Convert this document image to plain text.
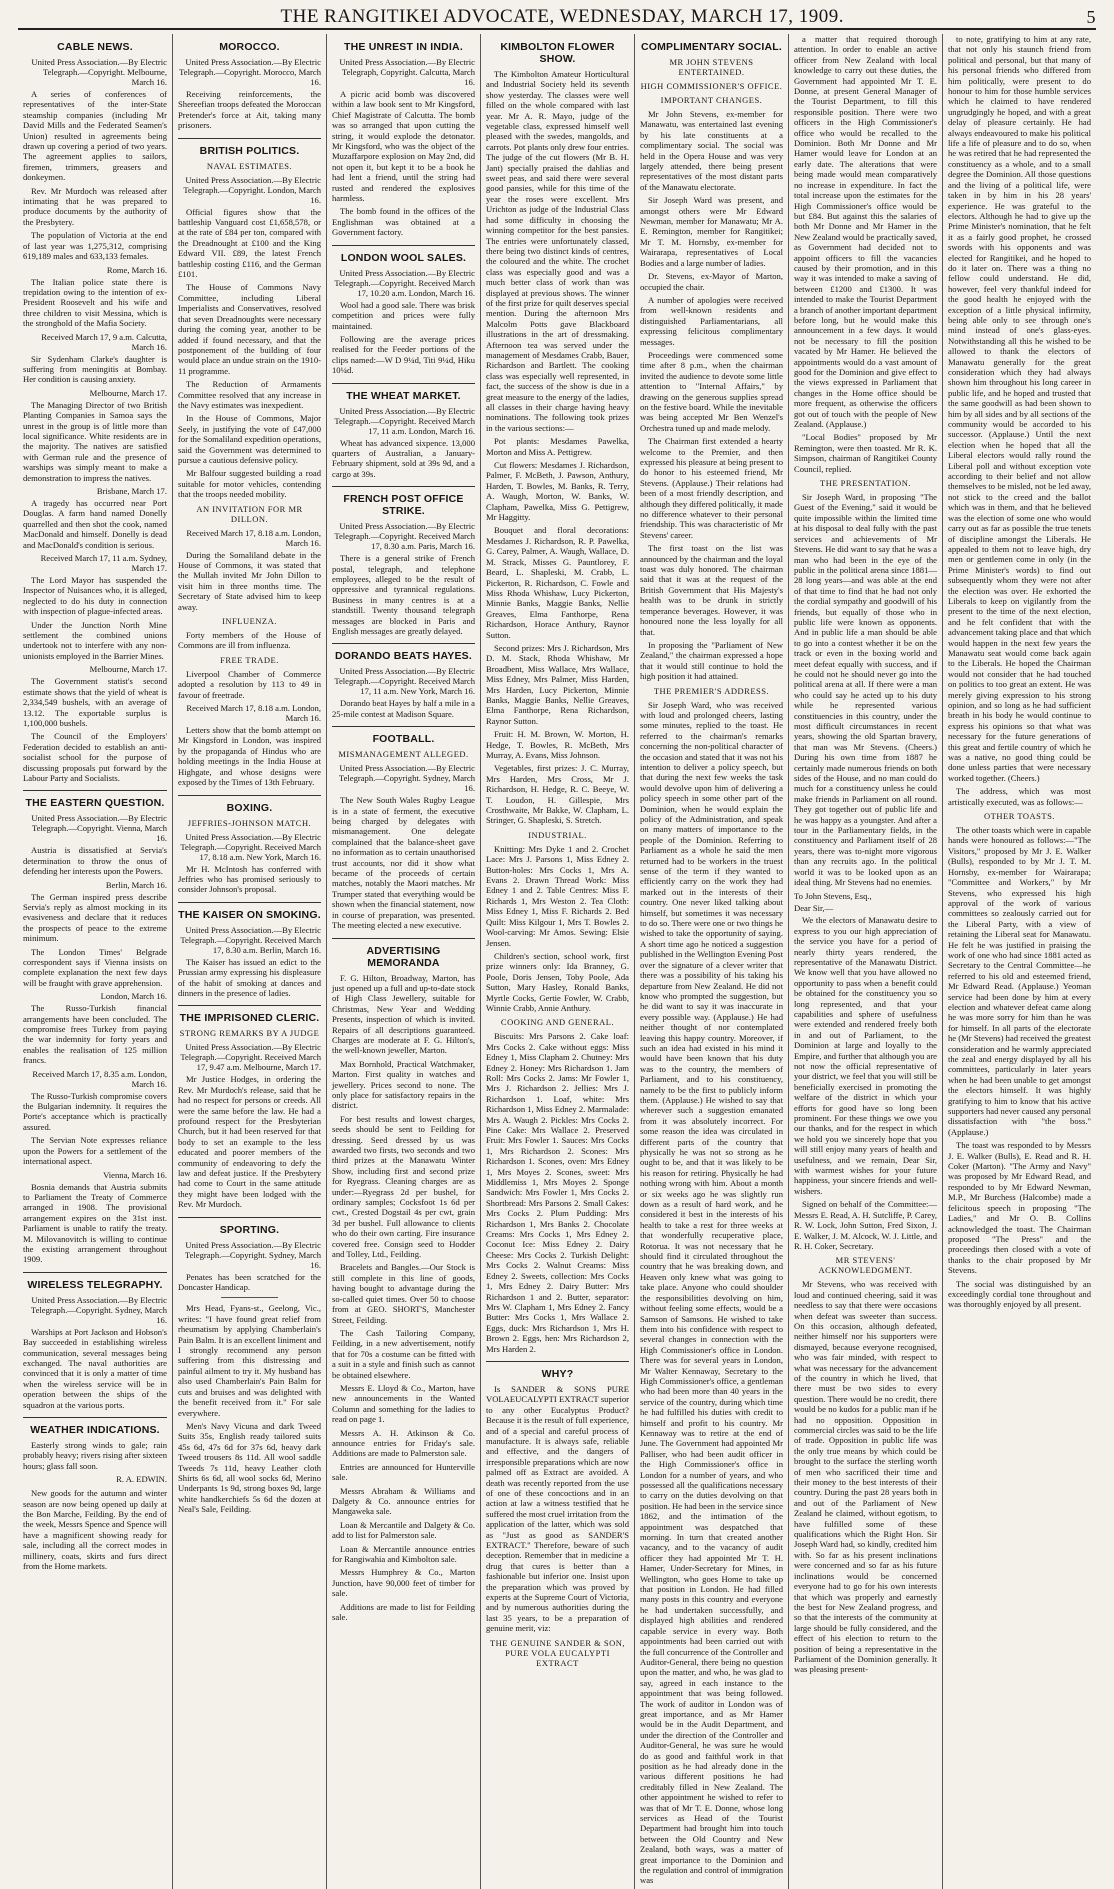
THE RANGITIKEI ADVOCATE, WEDNESDAY, MARCH 17, 1909.	5
CABLE NEWS.
United Press Association.—By Electric Telegraph.—Copyright. Melbourne, March 16.

A series of conferences of representatives of the inter-State steamship companies (including Mr David Mills and the Federated Seamen's Union) resulted in agreements being drawn up covering a period of two years. The agreement applies to sailors, firemen, trimmers, greasers and donkeymen.

Rev. Mr Murdoch was released after intimating that he was prepared to produce documents by the authority of the Presbytery.

The population of Victoria at the end of last year was 1,275,312, comprising 619,189 males and 633,133 females.

Rome, March 16.

The Italian police state there is trepidation owing to the intention of ex-President Roosevelt and his wife and three children to visit Messina, which is the stronghold of the Mafia Society.

Received March 17, 9 a.m. Calcutta, March 16.

Sir Sydenham Clarke's daughter is suffering from meningitis at Bombay. Her condition is causing anxiety.

Melbourne, March 17.

The Managing Director of two British Planting Companies in Samoa says the unrest in the group is of little more than local significance. White residents are in the majority. The natives are satisfied with German rule and the presence of warships was simply meant to make a demonstration to impress the natives.

Brisbane, March 17.

A tragedy has occurred near Port Douglas. A farm hand named Donelly quarrelled and then shot the cook, named MacDonald and himself. Donelly is dead and MacDonald's condition is serious.

Received March 17, 11 a.m. Sydney, March 17.

The Lord Mayor has suspended the Inspector of Nuisances who, it is alleged, neglected to do his duty in connection with inspection of plague-infected areas.

Under the Junction North Mine settlement the combined unions undertook not to interfere with any non-unionists employed in the Barrier Mines.

Melbourne, March 17.

The Government statist's second estimate shows that the yield of wheat is 2,334,549 bushels, with an average of 13.12. The exportable surplus is 1,100,000 bushels.

The Council of the Employers' Federation decided to establish an anti-socialist school for the purpose of discussing proposals put forward by the Labour Party and Socialists.

THE EASTERN QUESTION.
United Press Association.—By Electric Telegraph.—Copyright. Vienna, March 16.

Austria is dissatisfied at Servia's determination to throw the onus of defending her interests upon the Powers.

Berlin, March 16.

The German inspired press describe Servia's reply as almost mocking in its evasiveness and declare that it reduces the prospects of peace to the extreme minimum.

The London Times' Belgrade correspondent says if Vienna insists on complete explanation the next few days will be fraught with grave apprehension.

London, March 16.

The Russo-Turkish financial arrangements have been concluded. The compromise frees Turkey from paying the war indemnity for forty years and enables the realisation of 125 million francs.

Received March 17, 8.35 a.m. London, March 16.

The Russo-Turkish compromise covers the Bulgarian indemnity. It requires the Porte's acceptance which is practically assured.

The Servian Note expresses reliance upon the Powers for a settlement of the international aspect.

Vienna, March 16.

Bosnia demands that Austria submits to Parliament the Treaty of Commerce arranged in 1908. The provisional arrangement expires on the 31st inst. Parliament is unable to ratify the treaty. M. Milovanovitch is willing to continue the existing arrangement throughout 1909.

WIRELESS TELEGRAPHY.
United Press Association.—By Electric Telegraph.—Copyright. Sydney, March 16.

Warships at Port Jackson and Hobson's Bay succeeded in establishing wireless communication, several messages being exchanged. The naval authorities are convinced that it is only a matter of time when the wireless service will be in operation between the ships of the squadron at the various ports.

WEATHER INDICATIONS.

Easterly strong winds to gale; rain probably heavy; rivers rising after sixteen hours; glass fall soon.

R. A. EDWIN.

New goods for the autumn and winter season are now being opened up daily at the Bon Marche, Feilding. By the end of the week, Messrs Spence and Spence will have a magnificent showing ready for sale, including all the correct modes in millinery, coats, skirts and furs direct from the Home markets.

MOROCCO.
United Press Association.—By Electric Telegraph.—Copyright. Morocco, March 16.

Receiving reinforcements, the Shereefian troops defeated the Moroccan Pretender's force at Ait, taking many prisoners.

BRITISH POLITICS.
NAVAL ESTIMATES.
United Press Association.—By Electric Telegraph.—Copyright. London, March 16.

Official figures show that the battleship Vanguard cost £1,658,578, or at the rate of £84 per ton, compared with the Dreadnought at £100 and the King Edward VII. £89, the latest French battleship costing £116, and the German £101.

The House of Commons Navy Committee, including Liberal Imperialists and Conservatives, resolved that seven Dreadnoughts were necessary during the coming year, another to be added if found necessary, and that the postponement of the building of four would place an undue strain on the 1910-11 programme.

The Reduction of Armaments Committee resolved that any increase in the Navy estimates was inexpedient.

In the House of Commons, Major Seely, in justifying the vote of £47,000 for the Somaliland expedition operations, said the Government was determined to pursue a cautious defensive policy.

Mr Balfour suggested building a road suitable for motor vehicles, contending that the troops needed mobility.

AN INVITATION FOR MR DILLON.
Received March 17, 8.18 a.m. London, March 16.

During the Somaliland debate in the House of Commons, it was stated that the Mullah invited Mr John Dillon to visit him in three months time. The Secretary of State advised him to keep away.

INFLUENZA.

Forty members of the House of Commons are ill from influenza.

FREE TRADE.

Liverpool Chamber of Commerce adopted a resolution by 113 to 49 in favour of freetrade.

Received March 17, 8.18 a.m. London, March 16.

Letters show that the bomb attempt on Mr Kingsford in London, was inspired by the propaganda of Hindus who are holding meetings in the India House at Highgate, and whose designs were exposed by the Times of 13th February.

BOXING.
JEFFRIES-JOHNSON MATCH.
United Press Association.—By Electric Telegraph.—Copyright. Received March 17, 8.18 a.m. New York, March 16.

Mr H. McIntosh has conferred with Jeffries who has promised seriously to consider Johnson's proposal.

THE KAISER ON SMOKING.
United Press Association.—By Electric Telegraph.—Copyright. Received March 17, 8.30 a.m. Berlin, March 16.

The Kaiser has issued an edict to the Prussian army expressing his displeasure of the habit of smoking at dances and dinners in the presence of ladies.

THE IMPRISONED CLERIC.
STRONG REMARKS BY A JUDGE
United Press Association.—By Electric Telegraph.—Copyright. Received March 17, 9.47 a.m. Melbourne, March 17.

Mr Justice Hodges, in ordering the Rev. Mr Murdoch's release, said that he had no respect for persons or creeds. All were the same before the law. He had a profound respect for the Presbyterian Church, but it had been reserved for that body to set an example to the less educated and poorer members of the community of endeavoring to defy the law and defeat justice. If the Presbytery had come to Court in the same attitude they might have been lodged with the Rev. Mr Murdoch.

SPORTING.
United Press Association.—By Electric Telegraph.—Copyright. Sydney, March 16.

Penates has been scratched for the Doncaster Handicap.

Mrs Head, Fyans-st., Geelong, Vic., writes: "I have found great relief from rheumatism by applying Chamberlain's Pain Balm. It is an excellent liniment and I strongly recommend any person suffering from this distressing and painful ailment to try it. My husband has also used Chamberlain's Pain Balm for cuts and bruises and was delighted with the benefit received from it." For sale everywhere.

Men's Navy Vicuna and dark Tweed Suits 35s, English ready tailored suits 45s 6d, 47s 6d for 37s 6d, heavy dark Tweed trousers 8s 11d. All wool saddle Tweeds 7s 11d, heavy Leather cloth Shirts 6s 6d, all wool socks 6d, Merino Underpants 1s 9d, strong boxes 9d, large white handkerchiefs 5s 6d the dozen at Neal's Sale, Feilding.

THE UNREST IN INDIA.
United Press Association.—By Electric Telegraph, Copyright. Calcutta, March 16.

A picric acid bomb was discovered within a law book sent to Mr Kingsford, Chief Magistrate of Calcutta. The bomb was so arranged that upon cutting the string, it would explode the detonator. Mr Kingsford, who was the object of the Muzaffarpore explosion on May 2nd, did not open it, but kept it to be a book he had lent a friend, until the string had rusted and rendered the explosives harmless.

The bomb found in the offices of the Englishman was obtained at a Government factory.

LONDON WOOL SALES.
United Press Association.—By Electric Telegraph.—Copyright. Received March 17, 10.20 a.m. London, March 16.

Wool had a good sale. There was brisk competition and prices were fully maintained.

Following are the average prices realised for the Feeder portions of the clips named:—W D 9¼d, Titi 9¼d, Hiku 10¼d.

THE WHEAT MARKET.
United Press Association.—By Electric Telegraph.—Copyright. Received March 17, 11 a.m. London, March 16.

Wheat has advanced sixpence. 13,000 quarters of Australian, a January-February shipment, sold at 39s 9d, and a cargo at 39s.

FRENCH POST OFFICE STRIKE.
United Press Association.—By Electric Telegraph.—Copyright. Received March 17, 8.30 a.m. Paris, March 16.

There is a general strike of French postal, telegraph, and telephone employees, alleged to be the result of oppressive and tyrannical regulations. Business in many centres is at a standstill. Twenty thousand telegraph messages are blocked in Paris and English messages are greatly delayed.

DORANDO BEATS HAYES.
United Press Association.—By Electric Telegraph.—Copyright. Received March 17, 11 a.m. New York, March 16.

Dorando beat Hayes by half a mile in a 25-mile contest at Madison Square.

FOOTBALL.
MISMANAGEMENT ALLEGED.
United Press Association.—By Electric Telegraph.—Copyright. Sydney, March 16.

The New South Wales Rugby League is in a state of ferment, the executive being charged by delegates with mismanagement. One delegate complained that the balance-sheet gave no information as to certain unauthorised trust accounts, nor did it show what became of the proceeds of certain matches, notably the Maori matches. Mr Trumper stated that everything would be shown when the financial statement, now in course of preparation, was presented. The meeting elected a new executive.

ADVERTISING MEMORANDA

F. G. Hilton, Broadway, Marton, has just opened up a full and up-to-date stock of High Class Jewellery, suitable for Christmas, New Year and Wedding Presents, inspection of which is invited. Repairs of all descriptions guaranteed. Charges are moderate at F. G. Hilton's, the well-known jeweller, Marton.

Max Bornhold, Practical Watchmaker, Marton. First quality in watches and jewellery. Prices second to none. The only place for satisfactory repairs in the district.

For best results and lowest charges, seeds should be sent to Feilding for dressing. Seed dressed by us was awarded two firsts, two seconds and two third prizes at the Manawatu Winter Show, including first and second prize for Ryegrass. Cleaning charges are as under:—Ryegrass 2d per bushel, for ordinary samples; Cocksfoot 1s 6d per cwt., Crested Dogstail 4s per cwt, grain 3d per bushel. Full allowance to clients who do their own carting. Fire insurance covered free. Consign seed to Hodder and Tolley, Ltd., Feilding.

Bracelets and Bangles.—Our Stock is still complete in this line of goods, having bought to advantage during the so-called quiet times. Over 50 to choose from at GEO. SHORT'S, Manchester Street, Feilding.

The Cash Tailoring Company, Feilding, in a new advertisement, notify that for 70s a costume can be fitted with a suit in a style and finish such as cannot be obtained elsewhere.

Messrs E. Lloyd & Co., Marton, have new announcements in the Wanted Column and something for the ladies to read on page 1.

Messrs A. H. Atkinson & Co. announce entries for Friday's sale. Additions are made to Palmerston sale.

Entries are announced for Hunterville sale.

Messrs Abraham & Williams and Dalgety & Co. announce entries for Mangaweka sale.

Loan & Mercantile and Dalgety & Co. add to list for Palmerston sale.

Loan & Mercantile announce entries for Rangiwahia and Kimbolton sale.

Messrs Humphrey & Co., Marton Junction, have 90,000 feet of timber for sale.

Additions are made to list for Feilding sale.

KIMBOLTON FLOWER SHOW.

The Kimbolton Amateur Horticultural and Industrial Society held its seventh show yesterday. The classes were well filled on the whole compared with last year. Mr A. R. Mayo, judge of the vegetable class, expressed himself well pleased with the swedes, mangolds, and carrots. Pot plants only drew four entries. The judge of the cut flowers (Mr B. H. Jant) specially praised the dahlias and sweet peas, and said there were several good pansies, while for this time of the year the roses were excellent. Mrs Urichton as judge of the Industrial Class had some difficulty in choosing the winning competitor for the best pansies. The entries were unfortunately classed, there being two distinct kinds of centres, the coloured and the white. The crochet class was especially good and was a much better class of work than was displayed at previous shows. The winner of the first prize for quilt deserves special mention. During the afternoon Mrs Malcolm Potts gave Blackboard illustrations in the art of dressmaking. Afternoon tea was served under the management of Mesdames Crabb, Bauer, Richardson and Bartlett. The cooking class was especially well represented, in fact, the success of the show is due in a great measure to the energy of the ladies, all classes in their charge having heavy nominations. The following took prizes in the various sections:—

Pot plants: Mesdames Pawelka, Morton and Miss A. Pettigrew.

Cut flowers: Mesdames J. Richardson, Palmer, F. McBeth, J. Pawson, Anthury, Harden, T. Bowles, M. Banks, R. Terry, A. Waugh, Morton, W. Banks, W. Clapham, Pawelka, Miss G. Pettigrew, Mr Haggitty.

Bouquet and floral decorations: Mesdames J. Richardson, R. P. Pawelka, G. Carey, Palmer, A. Waugh, Wallace, D. M. Strack, Misses G. Pauntlorey, F. Beard, L. Shapleski, M. Crabb, L. Pickerton, R. Richardson, C. Fowle and Miss Rhoda Whishaw, Lucy Pickerton, Minnie Banks, Maggie Banks, Nellie Greaves, Elma Fanthorpe, Rena Richardson, Horace Anthury, Raynor Sutton.

Second prizes: Mrs J. Richardson, Mrs D. M. Stack, Rhoda Whishaw, Mr Broadbent, Miss Wallace, Mrs Wallace, Miss Edney, Mrs Palmer, Miss Harden, Mrs Harden, Lucy Pickerton, Minnie Banks, Maggie Banks, Nellie Greaves, Elma Fanthorpe, Rena Richardson, Raynor Sutton.

Fruit: H. M. Brown, W. Morton, H. Hedge, T. Bowles, R. McBeth, Mrs Murray, A. Evans, Miss Johnson.

Vegetables, first prizes: J. C. Murray, Mrs Harden, Mrs Cross, Mr J. Richardson, H. Hedge, R. C. Beeye, W. T. Loudon, H. Gillespie, Mrs Crosthwaite, Mr Bakke, W. Clapham, L. Stringer, G. Shapleski, S. Stretch.

INDUSTRIAL.

Knitting: Mrs Dyke 1 and 2. Crochet Lace: Mrs J. Parsons 1, Miss Edney 2. Button-holes: Mrs Cocks 1, Mrs A. Evans 2. Drawn Thread Work: Miss Edney 1 and 2. Table Centres: Miss F. Richards 1, Mrs Weston 2. Tea Cloth: Miss Edney 1, Miss F. Richards 2. Bed Quilt: Miss Kilgour 1, Mrs T. Bowles 2. Wool-carving: Mr Amos. Sewing: Elsie Jensen.

Children's section, school work, first prize winners only: Ida Branney, G. Poole, Doris Jensen, Toby Poole, Ada Sutton, Mary Hasley, Ronald Banks, Myrtle Cocks, Gertie Fowler, W. Crabb, Winnie Crabb, Annie Anthury.

COOKING AND GENERAL.

Biscuits: Mrs Parsons 2. Cake loaf: Mrs Cocks 2. Cake without eggs: Miss Edney 1, Miss Clapham 2. Chutney: Mrs Edney 2. Honey: Mrs Richardson 1. Jam Roll: Mrs Cocks 2. Jams: Mr Fowler 1, Mrs J. Richardson 2. Jellies: Mrs J. Richardson 1. Loaf, white: Mrs Richardson 1, Miss Edney 2. Marmalade: Mrs A. Waugh 2. Pickles: Mrs Cocks 2. Pine Cake: Mrs Wallace 2. Preserved Fruit: Mrs Fowler 1. Sauces: Mrs Cocks 1, Mrs Richardson 2. Scones: Mrs Richardson 1. Scones, oven: Mrs Edney 1, Mrs Moyes 2. Scones, sweet: Mrs Middlemiss 1, Mrs Moyes 2. Sponge Sandwich: Mrs Fowler 1, Mrs Cocks 2. Shortbread: Mrs Parsons 2. Small Cakes: Mrs Cocks 2. Plum Pudding: Mrs Richardson 1, Mrs Banks 2. Chocolate Creams: Mrs Cocks 1, Mrs Edney 2. Coconut Ice: Miss Edney 2. Dairy Cheese: Mrs Cocks 2. Turkish Delight: Mrs Cocks 2. Walnut Creams: Miss Edney 2. Sweets, collection: Mrs Cocks 1, Mrs Edney 2. Dairy Butter: Mrs Richardson 1 and 2. Butter, separator: Mrs W. Clapham 1, Mrs Edney 2. Fancy Butter: Mrs Cocks 1, Mrs Wallace 2. Eggs, duck: Mrs Richardson 1, Mrs H. Brown 2. Eggs, hen: Mrs Richardson 2, Mrs Harden 2.

WHY?

Is SANDER & SONS PURE VOLAEUCALYPTI EXTRACT superior to any other Eucalyptus Product? Because it is the result of full experience, and of a special and careful process of manufacture. It is always safe, reliable and effective, and the dangers of irresponsible preparations which are now palmed off as Extract are avoided. A death was recently reported from the use of one of these concoctions and in an action at law a witness testified that he suffered the most cruel irritation from the application of the latter, which was sold as "Just as good as SANDER'S EXTRACT." Therefore, beware of such deception. Remember that in medicine a drug that cures is better than a fashionable but inferior one. Insist upon the preparation which was proved by experts at the Supreme Court of Victoria, and by numerous authorities during the last 35 years, to be a preparation of genuine merit, viz:

THE GENUINE SANDER & SON, PURE VOLA EUCALYPTI EXTRACT
COMPLIMENTARY SOCIAL.
MR JOHN STEVENS ENTERTAINED.
HIGH COMMISSIONER'S OFFICE.
IMPORTANT CHANGES.

Mr John Stevens, ex-member for Manawatu, was entertained last evening by his late constituents at a complimentary social. The social was held in the Opera House and was very largely attended, there being present representatives of the most distant parts of the Manawatu electorate.

Sir Joseph Ward was present, and amongst others were Mr Edward Newman, member for Manawatu; Mr A. E. Remington, member for Rangitikei; Mr T. M. Hornsby, ex-member for Wairarapa, representatives of Local Bodies and a large number of ladies.

Dr. Stevens, ex-Mayor of Marton, occupied the chair.

A number of apologies were received from well-known residents and distinguished Parliamentarians, all expressing felicitous complimentary messages.

Proceedings were commenced some time after 8 p.m., when the chairman invited the audience to devote some little attention to "Internal Affairs," by drawing on the generous supplies spread on the festive board. While the inevitable was being accepted Mr Ben Wenzel's Orchestra tuned up and made melody.

The Chairman first extended a hearty welcome to the Premier, and then expressed his pleasure at being present to do honor to his esteemed friend, Mr Stevens. (Applause.) Their relations had been of a most friendly description, and although they differed politically, it made no difference whatever to their personal friendship. This was characteristic of Mr Stevens' career.

The first toast on the list was announced by the chairman and the loyal toast was duly honored. The chairman said that it was at the request of the British Government that His Majesty's health was to be drunk in strictly temperance beverages. However, it was honoured none the less loyally for all that.

In proposing the "Parliament of New Zealand," the chairman expressed a hope that it would still continue to hold the high position it had attained.

THE PREMIER'S ADDRESS.

Sir Joseph Ward, who was received with loud and prolonged cheers, lasting some minutes, replied to the toast. He referred to the chairman's remarks concerning the non-political character of the occasion and stated that it was not his intention to deliver a policy speech, but that during the next few weeks the task would devolve upon him of delivering a policy speech in some other part of the Dominion, when he would explain the policy of the Administration, and speak on many matters of importance to the people of the Dominion. Referring to Parliament as a whole he said the men returned had to be workers in the truest sense of the term if they wanted to efficiently carry on the work they had marked out in the interests of their country. One never liked talking about himself, but sometimes it was necessary to do so. There were one or two things he wished to take the opportunity of saying. A short time ago he noticed a suggestion published in the Wellington Evening Post over the signature of a clever writer that there was a possibility of his taking his departure from New Zealand. He did not know who prompted the suggestion, but he did want to say it was inaccurate in every possible way. (Applause.) He had neither thought of nor contemplated leaving this happy country. Moreover, if such an idea had existed in his mind it would have been known that his duty was to the country, the members of Parliament, and to his constituency, namely to be the first to publicly inform them. (Applause.) He wished to say that wherever such a suggestion emanated from it was absolutely incorrect. For some reason the idea was circulated in different parts of the country that physically he was not so strong as he ought to be, and that it was likely to be his reason for retiring. Physically he had nothing wrong with him. About a month or six weeks ago he was slightly run down as a result of hard work, and he considered it best in the interests of his health to take a rest for three weeks at that wonderfully recuperative place, Rotorua. It was not necessary that he should find it circulated throughout the country that he was breaking down, and Heaven only knew what was going to take place. Anyone who could shoulder the responsibilities devolving on him, without feeling some effects, would be a Samson of Samsons. He wished to take them into his confidence with respect to several changes in connection with the High Commissioner's office in London. There was for several years in London, Mr Walter Kennaway, Secretary to the High Commissioner's office, a gentleman who had been more than 40 years in the service of the country, during which time he had fulfilled his duties with credit to himself and profit to his country. Mr Kennaway was to retire at the end of June. The Government had appointed Mr Palliser, who had been audit officer in the High Commissioner's office in London for a number of years, and who possessed all the qualifications necessary to carry on the duties devolving on that position. He had been in the service since 1862, and the intimation of the appointment was despatched that morning. In turn that created another vacancy, and to the vacancy of audit officer they had appointed Mr T. H. Hamer, Under-Secretary for Mines, in Wellington, who goes Home to take up that position in London. He had filled many posts in this country and everyone he had undertaken successfully, and displayed high abilities and rendered capable service in every way. Both appointments had been carried out with the full concurrence of the Controller and Auditor-General, there being no question upon the matter, and who, he was glad to say, agreed in each instance to the appointment that was being followed. The work of auditor in London was of great importance, and as Mr Hamer would be in the Audit Department, and under the direction of the Controller and Auditor-General, he was sure he would do as good and faithful work in that position as he had already done in the various different positions he had creditably filled in New Zealand. The other appointment he wished to refer to was that of Mr T. E. Donne, whose long services as Head of the Tourist Department had brought him into touch between the Old Country and New Zealand, both ways, was a matter of great importance to the Dominion and the regulation and control of immigration was

a matter that required thorough attention. In order to enable an active officer from New Zealand with local knowledge to carry out these duties, the Government had appointed Mr T. E. Donne, at present General Manager of the Tourist Department, to fill this responsible position. There were two officers in the High Commissioner's office who would be recalled to the Dominion. Both Mr Donne and Mr Hamer would leave for London at an early date. The alterations that were being made would mean comparatively no increase in expenditure. In fact the total increase upon the estimates for the High Commissioner's office would be but £84. But against this the salaries of both Mr Donne and Mr Hamer in the New Zealand would be practically saved, as Government had decided not to appoint officers to fill the vacancies caused by their promotion, and in this way it was intended to make a saving of between £1200 and £1300. It was intended to make the Tourist Department a branch of another important department before long, but he would make this announcement in a few days. It would not be necessary to fill the position vacated by Mr Hamer. He believed the appointments would do a vast amount of good for the Dominion and give effect to the views expressed in Parliament that changes in the Home office should be more frequent, as otherwise the officers got out of touch with the people of New Zealand. (Applause.)

"Local Bodies" proposed by Mr Remington, were then toasted. Mr R. K. Simpson, chairman of Rangitikei County Council, replied.

THE PRESENTATION.

Sir Joseph Ward, in proposing "The Guest of the Evening," said it would be quite impossible within the limited time at his disposal to deal fully with the past services and achievements of Mr Stevens. He did want to say that he was a man who had been in the eye of the public in the political arena since 1881—28 long years—and was able at the end of that time to find that he had not only the cordial sympathy and goodwill of his friends, but equally of those who in public life were known as opponents. And in public life a man should be able to go into a contest whether it be on the track or even in the boxing world and meet defeat equally with success, and if he could not he should never go into the political arena at all. If there were a man who could say he acted up to his duty while he represented various constituencies in this country, under the most difficult circumstances in recent years, showing the old Spartan bravery, that man was Mr Stevens. (Cheers.) During his own time from 1887 he certainly made numerous friends on both sides of the House, and no man could do much for a constituency unless he could make friends in Parliament on all round. They got together out of public life and he was happy as a youngster. And after a tour in the Parliamentary fields, in the constituency and Parliament itself of 28 years, there was to-night more vigorous than any recruits ago. In the political world it was to be looked upon as an ideal thing. Mr Stevens had no enemies.

To John Stevens, Esq.,
Dear Sir,—

We the electors of Manawatu desire to express to you our high appreciation of the service you have for a period of nearly thirty years rendered, the representative of the Manawatu District. We know well that you have allowed no opportunity to pass when a benefit could be obtained for the constituency you so long represented, and that your capabilities and sphere of usefulness were extended and rendered freely both in and out of Parliament, to the Dominion at large and loyally to the Empire, and further that although you are not now the official representative of your district, we feel that you will still be beneficially exercised in promoting the welfare of the district in which your efforts for good have so long been prominent. For these things we owe you our thanks, and for the respect in which we hold you we sincerely hope that you will still enjoy many years of health and usefulness, and we remain, Dear Sir, with warmest wishes for your future happiness, your sincere friends and well-wishers.

Signed on behalf of the Committee:—Messrs E. Read, A. H. Sutcliffe, P. Carey, R. W. Lock, John Sutton, Fred Sixon, J. E. Walker, J. M. Alcock, W. J. Little, and R. H. Coker, Secretary.

MR STEVENS' ACKNOWLEDGMENT.

Mr Stevens, who was received with loud and continued cheering, said it was needless to say that there were occasions when defeat was sweeter than success. On this occasion, although defeated, neither himself nor his supporters were dismayed, because everyone recognised, who was fair minded, with respect to what was necessary for the advancement of the country in which he lived, that there must be two sides to every question. There would be no credit, there would be no kudos for a public man if he had no opposition. Opposition in commercial circles was said to be the life of trade. Opposition in public life was the only true means by which could be brought to the surface the sterling worth of men who sacrificed their time and their money to the best interests of their country. During the past 28 years both in and out of the Parliament of New Zealand he claimed, without egotism, to have fulfilled some of these qualifications which the Right Hon. Sir Joseph Ward had, so kindly, credited him with. So far as his present inclinations were concerned and so far as his future inclinations would be concerned everyone had to go for his own interests that which was properly and earnestly the best for New Zealand progress, and so that the interests of the community at large should be fully considered, and the effect of his election to return to the position of being a representative in the Parliament of the Dominion generally. It was pleasing present-

to note, gratifying to him at any rate, that not only his staunch friend from political and personal, but that many of his personal friends who differed from him politically, were present to do honour to him for those humble services which he claimed to have rendered ungrudgingly he hoped, and with a great delay of pleasure certainly. He had always endeavoured to make his political life a life of pleasure and to do so, when he was retired that he had represented the constituency as a whole, and to a small degree the Dominion. All those questions and the living of a political life, were taken in by him in his 28 years' experience. He was grateful to the electors. Although he had to give up the Prime Minister's nomination, that he felt it as a fairly good prophet, he crossed swords with his opponents and was elected for Rangitikei, and he hoped to do it later on. There was a thing no fellow could understand. He did, however, feel very thankful indeed for the good health he enjoyed with the exception of a little physical infirmity, being able only to see through one's mind instead of one's glass-eyes. Notwithstanding all this he wished to be allowed to thank the electors of Manawatu generally for the great consideration which they had always shown him throughout his long career in public life, and he hoped and trusted that the same goodwill as had been shown to him by all sides and by all sections of the community would be accorded to his successor. (Applause.) Until the next election when he hoped that all the Liberal electors would rally round the Liberal poll and without exception vote according to their belief and not allow themselves to be misled, not be led away, not stick to the creed and the ballot which was in them, and that he believed was the election of some one who would carry out as far as possible the true tenets of discipline amongst the Liberals. He appealed to them not to leave high, dry men or gentlemen come in only (in the Prime Minister's words) to find out subsequently whom they were not after the election was over. He exhorted the Liberals to keep on vigilantly from the present to the time of the next election, and he felt confident that with the advancement taking place and that which would happen in the next few years the Manawatu seat would come back again to the Liberals. He hoped the Chairman would not consider that he had touched on politics to too great an extent. He was merely giving expression to his strong opinion, and so long as he had sufficient breath in his body he would continue to express his opinions so that what was necessary for the future generations of this great and fertile country of which he was a native, no good thing could be done unless parties that were necessary worked together. (Cheers.)

The address, which was most artistically executed, was as follows:—

OTHER TOASTS.

The other toasts which were in capable hands were honoured as follows:—"The Visitors," proposed by Mr J. E. Walker (Bulls), responded to by Mr J. T. M. Hornsby, ex-member for Wairarapa; "Committee and Workers," by Mr Stevens, who expressed his high approval of the work of various committees so zealously carried out for the Liberal Party, with a view of retaining the Liberal seat for Manawatu. He felt he was justified in praising the work of one who had since 1881 acted as Secretary to the Central Committee—he referred to his old and esteemed friend, Mr Edward Read. (Applause.) Yeoman service had been done by him at every election and whatever defeat came along he was more sorry for him than he was for himself. In all parts of the electorate he (Mr Stevens) had received the greatest consideration and he warmly appreciated the zeal and energy displayed by all his committees, particularly in later years when he had been unable to get amongst the electors himself. It was highly gratifying to him to know that his active supporters had never caused any personal dissatisfaction with "the boss." (Applause.)

The toast was responded to by Messrs J. E. Walker (Bulls), E. Read and R. H. Coker (Marton). "The Army and Navy" was proposed by Mr Edward Read, and responded to by Mr Edward Newman, M.P., Mr Burchess (Halcombe) made a felicitous speech in proposing "The Ladies," and Mr O. B. Collins acknowledged the toast. The Chairman proposed "The Press" and the proceedings then closed with a vote of thanks to the chair proposed by Mr Stevens.

The social was distinguished by an exceedingly cordial tone throughout and was thoroughly enjoyed by all present.
